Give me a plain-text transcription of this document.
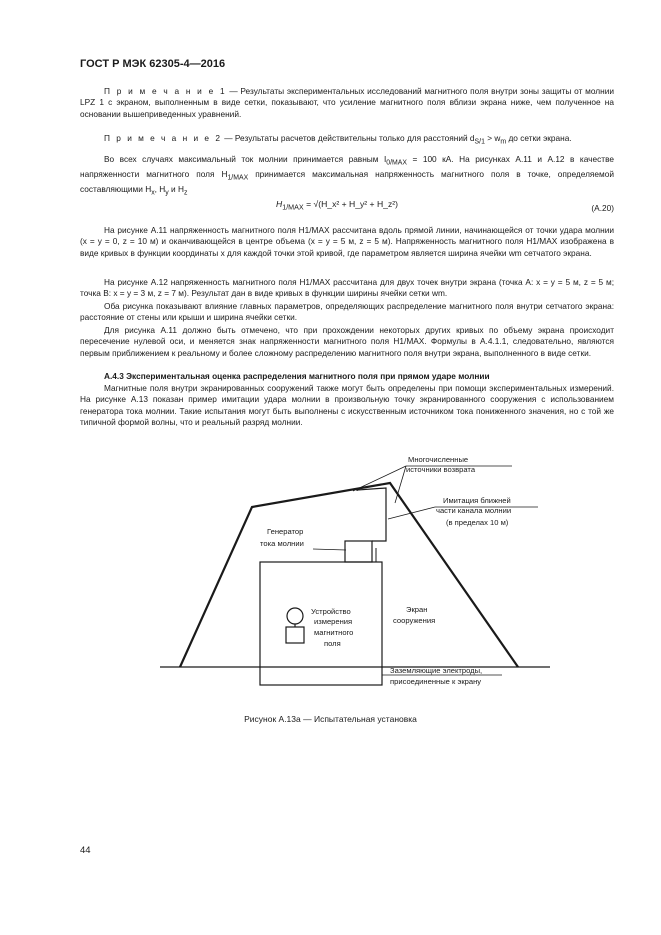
ГОСТ Р МЭК 62305-4—2016
П р и м е ч а н и е 1 — Результаты экспериментальных исследований магнитного поля внутри зоны защиты от молнии LPZ 1 с экраном, выполненным в виде сетки, показывают, что усиление магнитного поля вблизи экрана ниже, чем полученное на основании вышеприведенных уравнений.
П р и м е ч а н и е 2 — Результаты расчетов действительны только для расстояний $d_{S/1} > w_m$ до сетки экрана.
Во всех случаях максимальный ток молнии принимается равным $I_{0/MAX} = 100$ кА. На рисунках А.11 и А.12 в качестве напряженности магнитного поля $H_{1/MAX}$ принимается максимальная напряженность магнитного поля в точке, определяемой составляющими $H_x$, $H_y$ и $H_z$
$H_{1/MAX}$ = √(H_x² + H_y² + H_z²)	(A.20)
На рисунке А.11 напряженность магнитного поля H1/MAX рассчитана вдоль прямой линии, начинающейся от точки удара молнии (x = y = 0, z = 10 м) и оканчивающейся в центре объема (x = y = 5 м, z = 5 м). Напряженность магнитного поля H1/MAX изображена в виде кривых в функции координаты x для каждой точки этой кривой, где параметром является ширина ячейки wm сетчатого экрана.
На рисунке А.12 напряженность магнитного поля H1/MAX рассчитана для двух точек внутри экрана (точка А: x = y = 5 м, z = 5 м; точка В: x = y = 3 м, z = 7 м). Результат дан в виде кривых в функции ширины ячейки сетки wm.
Оба рисунка показывают влияние главных параметров, определяющих распределение магнитного поля внутри сетчатого экрана: расстояние от стены или крыши и ширина ячейки сетки.
Для рисунка А.11 должно быть отмечено, что при прохождении некоторых других кривых по объему экрана происходит пересечение нулевой оси, и меняется знак напряженности магнитного поля H1/MAX. Формулы в А.4.1.1, следовательно, являются первым приближением к реальному и более сложному распределению магнитного поля внутри экрана, выполненного в виде сетки.
А.4.3 Экспериментальная оценка распределения магнитного поля при прямом ударе молнии
Магнитные поля внутри экранированных сооружений также могут быть определены при помощи экспериментальных измерений. На рисунке А.13 показан пример имитации удара молнии в произвольную точку экранированного сооружения с использованием генератора тока молнии. Такие испытания могут быть выполнены с искусственным источником тока пониженного значения, но с той же типичной формой волны, что и реальный разряд молнии.
Многочисленные
источники возврата
Имитация ближней
части канала молнии
(в пределах 10 м)
Генератор
тока молнии
Устройство
измерения
магнитного
поля
Экран
сооружения
Заземляющие электроды,
присоединенные к экрану
Рисунок А.13а — Испытательная установка
44
